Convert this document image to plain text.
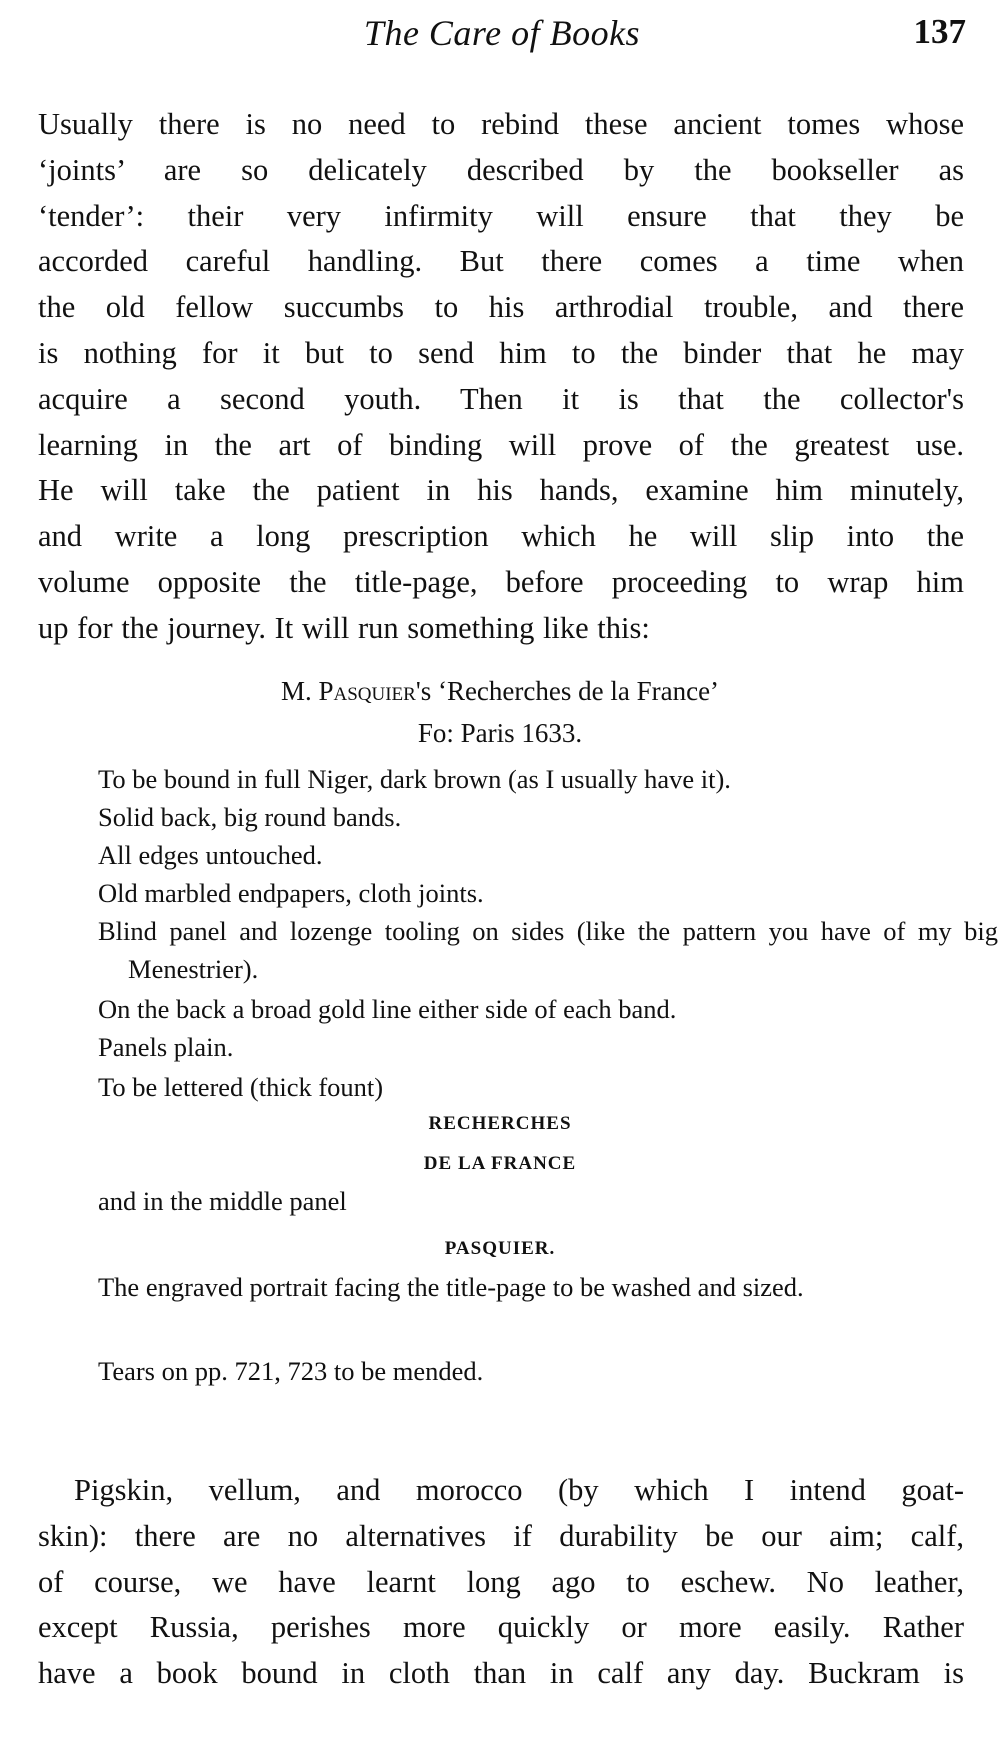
The Care of Books	137
Usually there is no need to rebind these ancient tomes whose
‘joints’ are so delicately described by the bookseller as
‘tender’: their very infirmity will ensure that they be
accorded careful handling. But there comes a time when
the old fellow succumbs to his arthrodial trouble, and there
is nothing for it but to send him to the binder that he may
acquire a second youth. Then it is that the collector's
learning in the art of binding will prove of the greatest use.
He will take the patient in his hands, examine him minutely,
and write a long prescription which he will slip into the
volume opposite the title-page, before proceeding to wrap him
up for the journey. It will run something like this:
M. Pasquier's ‘Recherches de la France’
Fo: Paris 1633.
To be bound in full Niger, dark brown (as I usually have it).
Solid back, big round bands.
All edges untouched.
Old marbled endpapers, cloth joints.
Blind panel and lozenge tooling on sides (like the pattern you have of my big Menestrier).
On the back a broad gold line either side of each band.
Panels plain.
To be lettered (thick fount)
RECHERCHES
DE LA FRANCE
and in the middle panel
PASQUIER.
The engraved portrait facing the title-page to be washed and sized.
Tears on pp. 721, 723 to be mended.
Pigskin, vellum, and morocco (by which I intend goat-
skin): there are no alternatives if durability be our aim; calf,
of course, we have learnt long ago to eschew. No leather,
except Russia, perishes more quickly or more easily. Rather
have a book bound in cloth than in calf any day. Buckram is
